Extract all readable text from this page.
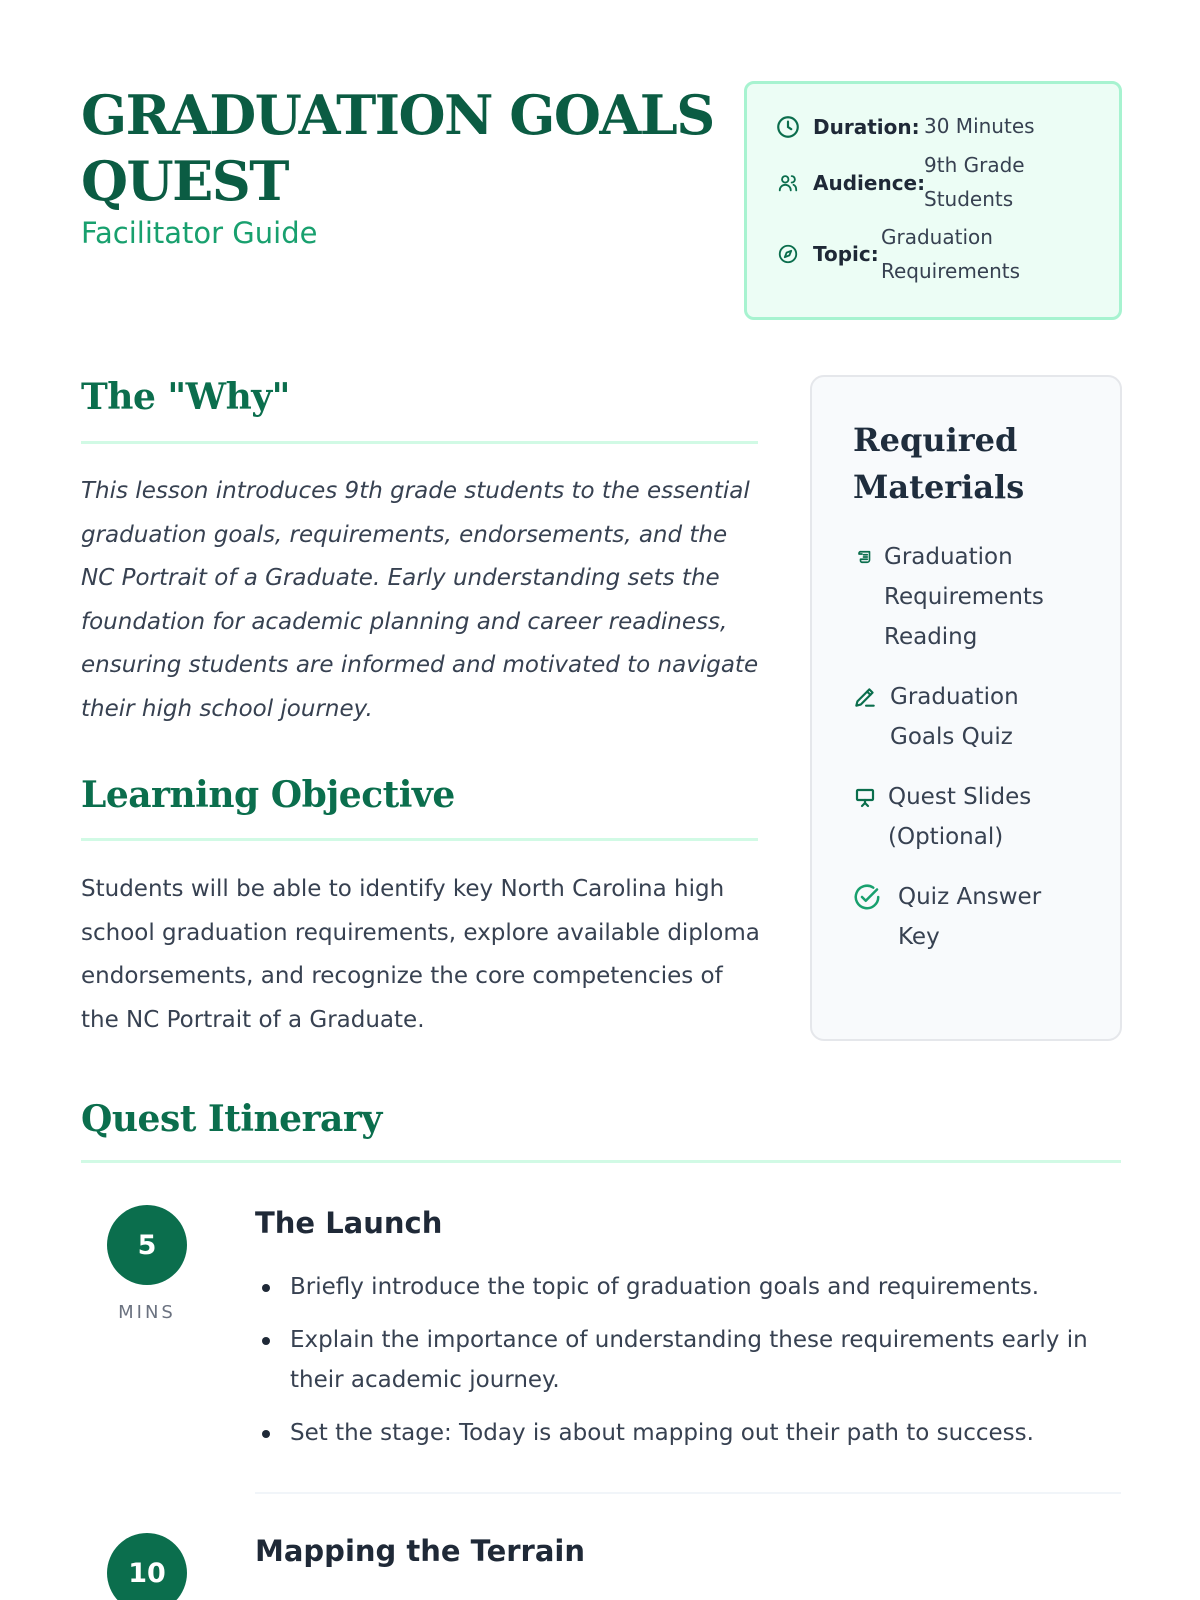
GRADUATION GOALS QUEST
Facilitator Guide
Duration: 30 Minutes
Audience:
9th Grade Students
Topic:
Graduation Requirements
The "Why"

This lesson introduces 9th grade students to the essential graduation goals, requirements, endorsements, and the NC Portrait of a Graduate. Early understanding sets the foundation for academic planning and career readiness, ensuring students are informed and motivated to navigate their high school journey.

Learning Objective

Students will be able to identify key North Carolina high school graduation requirements, explore available diploma endorsements, and recognize the core competencies of the NC Portrait of a Graduate.

Required Materials
Graduation Requirements Reading
Graduation Goals Quiz
Quest Slides (Optional)
Quiz Answer Key
Quest Itinerary
5
MINS
The Launch
Briefly introduce the topic of graduation goals and requirements.
Explain the importance of understanding these requirements early in their academic journey.
Set the stage: Today is about mapping out their path to success.
10
Mapping the Terrain
